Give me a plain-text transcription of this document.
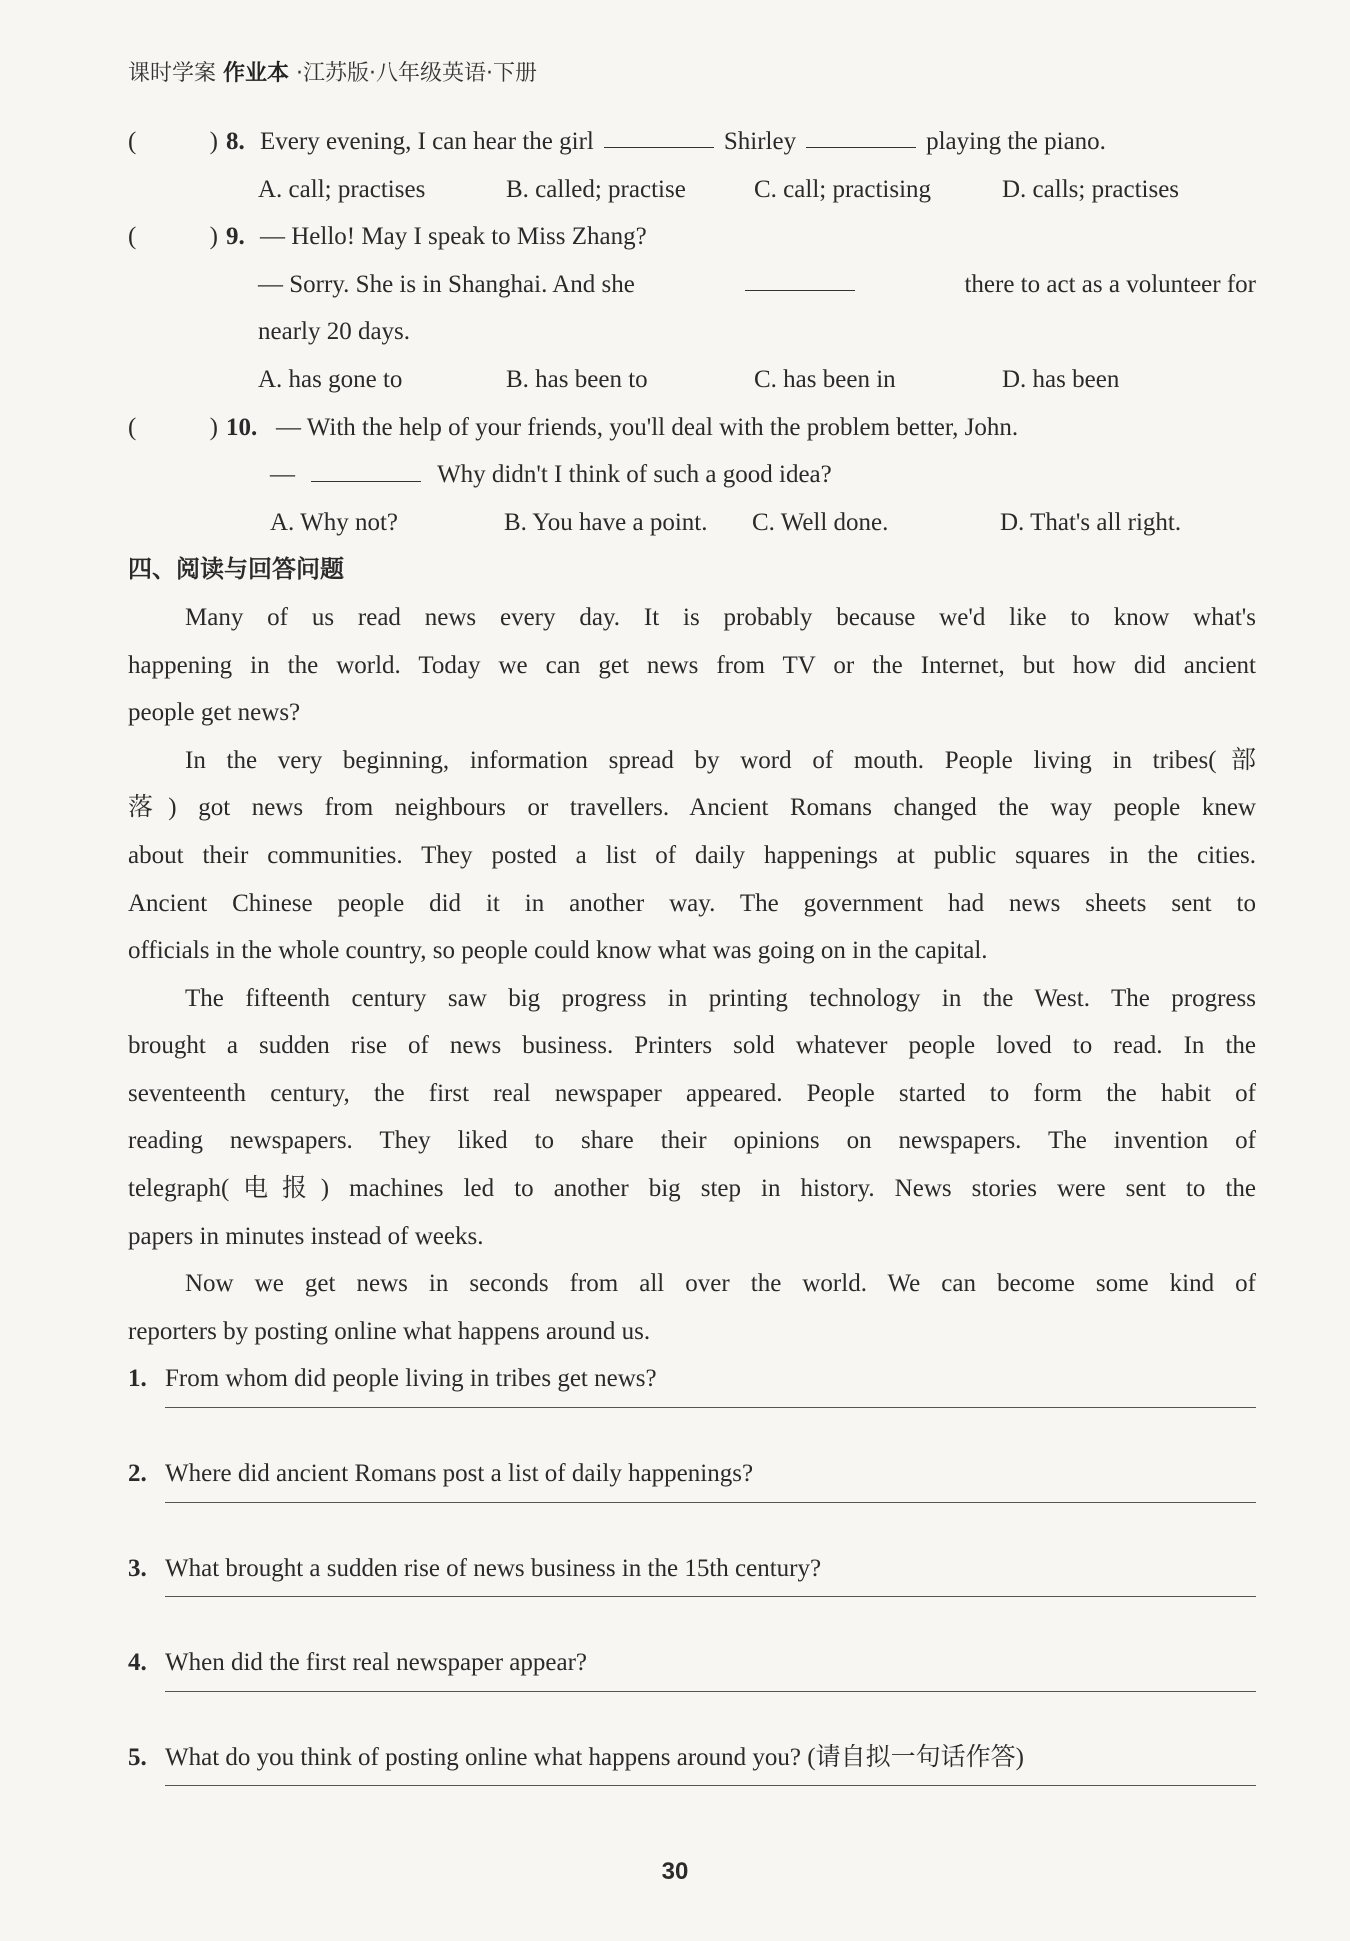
课时学案 作业本 ·江苏版·八年级英语·下册
(	) 8. Every evening, I can hear the girl	Shirley	playing the piano.
A. call; practises	B. called; practise	C. call; practising	D. calls; practises
(	) 9. — Hello! May I speak to Miss Zhang?
— Sorry. She is in Shanghai. And she	there to act as a volunteer for
nearly 20 days.
A. has gone to	B. has been to	C. has been in	D. has been
(	) 10. — With the help of your friends, you'll deal with the problem better, John.
—	Why didn't I think of such a good idea?
A. Why not?	B. You have a point.	C. Well done.	D. That's all right.
四、阅读与回答问题
Many of us read news every day. It is probably because we'd like to know what's
happening in the world. Today we can get news from TV or the Internet, but how did ancient
people get news?
In the very beginning, information spread by word of mouth. People living in tribes(部
落) got news from neighbours or travellers. Ancient Romans changed the way people knew
about their communities. They posted a list of daily happenings at public squares in the cities.
Ancient Chinese people did it in another way. The government had news sheets sent to
officials in the whole country, so people could know what was going on in the capital.
The fifteenth century saw big progress in printing technology in the West. The progress
brought a sudden rise of news business. Printers sold whatever people loved to read. In the
seventeenth century, the first real newspaper appeared. People started to form the habit of
reading newspapers. They liked to share their opinions on newspapers. The invention of
telegraph(电报) machines led to another big step in history. News stories were sent to the
papers in minutes instead of weeks.
Now we get news in seconds from all over the world. We can become some kind of
reporters by posting online what happens around us.
1. From whom did people living in tribes get news?
2. Where did ancient Romans post a list of daily happenings?
3. What brought a sudden rise of news business in the 15th century?
4. When did the first real newspaper appear?
5. What do you think of posting online what happens around you? (请自拟一句话作答)
30
